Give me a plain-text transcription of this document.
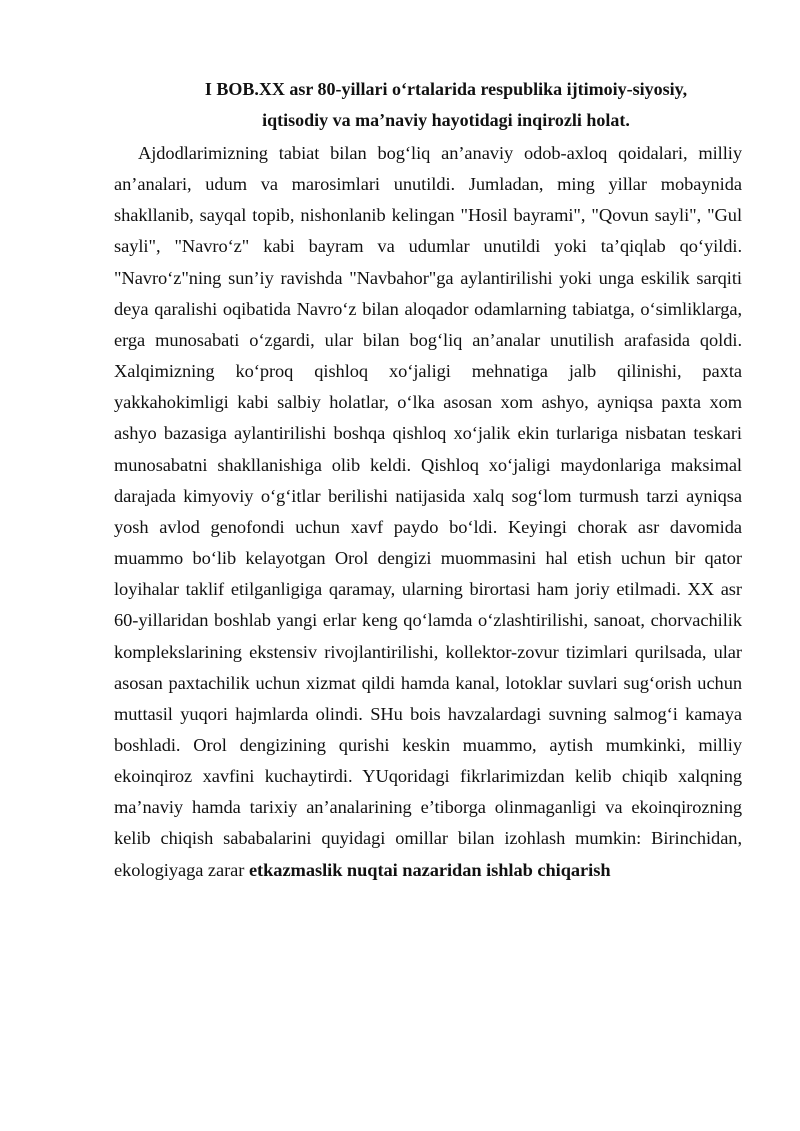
I BOB.XX asr 80-yillari o‘rtalarida respublika ijtimoiy-siyosiy,
iqtisodiy va ma’naviy hayotidagi inqirozli holat.

Ajdodlarimizning tabiat bilan bog‘liq an’anaviy odob-axloq qoidalari, milliy an’analari, udum va marosimlari unutildi. Jumladan, ming yillar mobaynida shakllanib, sayqal topib, nishonlanib kelingan "Hosil bayrami", "Qovun sayli", "Gul sayli", "Navro‘z" kabi bayram va udumlar unutildi yoki ta’qiqlab qo‘yildi. "Navro‘z"ning sun’iy ravishda "Navbahor"ga aylantirilishi yoki unga eskilik sarqiti deya qaralishi oqibatida Navro‘z bilan aloqador odamlarning tabiatga, o‘simliklarga, erga munosabati o‘zgardi, ular bilan bog‘liq an’analar unutilish arafasida qoldi. Xalqimizning ko‘proq qishloq xo‘jaligi mehnatiga jalb qilinishi, paxta yakkahokimligi kabi salbiy holatlar, o‘lka asosan xom ashyo, ayniqsa paxta xom ashyo bazasiga aylantirilishi boshqa qishloq xo‘jalik ekin turlariga nisbatan teskari munosabatni shakllanishiga olib keldi. Qishloq xo‘jaligi maydonlariga maksimal darajada kimyoviy o‘g‘itlar berilishi natijasida xalq sog‘lom turmush tarzi ayniqsa yosh avlod genofondi uchun xavf paydo bo‘ldi. Keyingi chorak asr davomida muammo bo‘lib kelayotgan Orol dengizi muommasini hal etish uchun bir qator loyihalar taklif etilganligiga qaramay, ularning birortasi ham joriy etilmadi. XX asr 60-yillaridan boshlab yangi erlar keng qo‘lamda o‘zlashtirilishi, sanoat, chorvachilik komplekslarining ekstensiv rivojlantirilishi, kollektor-zovur tizimlari qurilsada, ular asosan paxtachilik uchun xizmat qildi hamda kanal, lotoklar suvlari sug‘orish uchun muttasil yuqori hajmlarda olindi. SHu bois havzalardagi suvning salmog‘i kamaya boshladi. Orol dengizining qurishi keskin muammo, aytish mumkinki, milliy ekoinqiroz xavfini kuchaytirdi. YUqoridagi fikrlarimizdan kelib chiqib xalqning ma’naviy hamda tarixiy an’analarining e’tiborga olinmaganligi va ekoinqirozning kelib chiqish sababalarini quyidagi omillar bilan izohlash mumkin: Birinchidan, ekologiyaga zarar etkazmaslik nuqtai nazaridan ishlab chiqarish
